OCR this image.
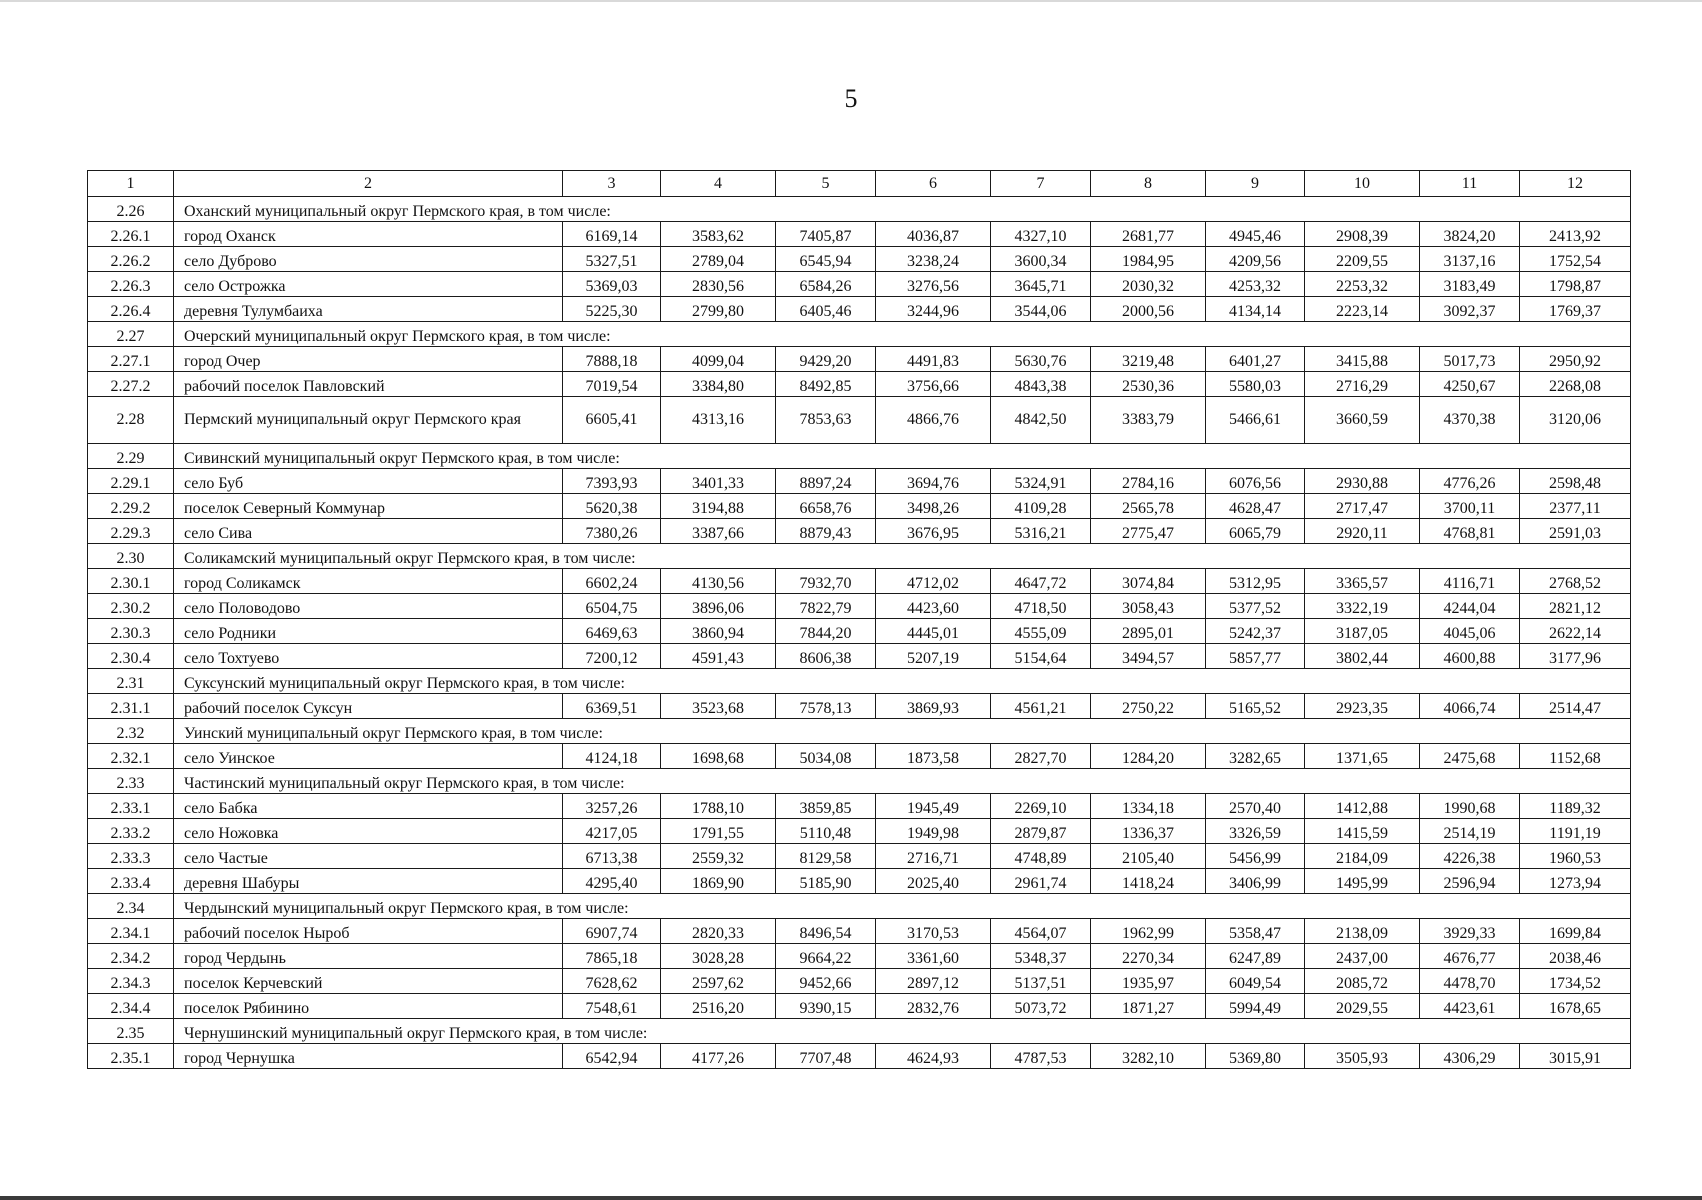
5
1	2	3	4	5	6	7	8	9	10	11	12
2.26	Оханский муниципальный округ Пермского края, в том числе:										
2.26.1	город Оханск	6169,14	3583,62	7405,87	4036,87	4327,10	2681,77	4945,46	2908,39	3824,20	2413,92
2.26.2	село Дуброво	5327,51	2789,04	6545,94	3238,24	3600,34	1984,95	4209,56	2209,55	3137,16	1752,54
2.26.3	село Острожка	5369,03	2830,56	6584,26	3276,56	3645,71	2030,32	4253,32	2253,32	3183,49	1798,87
2.26.4	деревня Тулумбаиха	5225,30	2799,80	6405,46	3244,96	3544,06	2000,56	4134,14	2223,14	3092,37	1769,37
2.27	Очерский муниципальный округ Пермского края, в том числе:										
2.27.1	город Очер	7888,18	4099,04	9429,20	4491,83	5630,76	3219,48	6401,27	3415,88	5017,73	2950,92
2.27.2	рабочий поселок Павловский	7019,54	3384,80	8492,85	3756,66	4843,38	2530,36	5580,03	2716,29	4250,67	2268,08
2.28	Пермский муниципальный округ Пермского края	6605,41	4313,16	7853,63	4866,76	4842,50	3383,79	5466,61	3660,59	4370,38	3120,06
2.29	Сивинский муниципальный округ Пермского края, в том числе:										
2.29.1	село Буб	7393,93	3401,33	8897,24	3694,76	5324,91	2784,16	6076,56	2930,88	4776,26	2598,48
2.29.2	поселок Северный Коммунар	5620,38	3194,88	6658,76	3498,26	4109,28	2565,78	4628,47	2717,47	3700,11	2377,11
2.29.3	село Сива	7380,26	3387,66	8879,43	3676,95	5316,21	2775,47	6065,79	2920,11	4768,81	2591,03
2.30	Соликамский муниципальный округ Пермского края, в том числе:										
2.30.1	город Соликамск	6602,24	4130,56	7932,70	4712,02	4647,72	3074,84	5312,95	3365,57	4116,71	2768,52
2.30.2	село Половодово	6504,75	3896,06	7822,79	4423,60	4718,50	3058,43	5377,52	3322,19	4244,04	2821,12
2.30.3	село Родники	6469,63	3860,94	7844,20	4445,01	4555,09	2895,01	5242,37	3187,05	4045,06	2622,14
2.30.4	село Тохтуево	7200,12	4591,43	8606,38	5207,19	5154,64	3494,57	5857,77	3802,44	4600,88	3177,96
2.31	Суксунский муниципальный округ Пермского края, в том числе:										
2.31.1	рабочий поселок Суксун	6369,51	3523,68	7578,13	3869,93	4561,21	2750,22	5165,52	2923,35	4066,74	2514,47
2.32	Уинский муниципальный округ Пермского края, в том числе:										
2.32.1	село Уинское	4124,18	1698,68	5034,08	1873,58	2827,70	1284,20	3282,65	1371,65	2475,68	1152,68
2.33	Частинский муниципальный округ Пермского края, в том числе:										
2.33.1	село Бабка	3257,26	1788,10	3859,85	1945,49	2269,10	1334,18	2570,40	1412,88	1990,68	1189,32
2.33.2	село Ножовка	4217,05	1791,55	5110,48	1949,98	2879,87	1336,37	3326,59	1415,59	2514,19	1191,19
2.33.3	село Частые	6713,38	2559,32	8129,58	2716,71	4748,89	2105,40	5456,99	2184,09	4226,38	1960,53
2.33.4	деревня Шабуры	4295,40	1869,90	5185,90	2025,40	2961,74	1418,24	3406,99	1495,99	2596,94	1273,94
2.34	Чердынский муниципальный округ Пермского края, в том числе:										
2.34.1	рабочий поселок Ныроб	6907,74	2820,33	8496,54	3170,53	4564,07	1962,99	5358,47	2138,09	3929,33	1699,84
2.34.2	город Чердынь	7865,18	3028,28	9664,22	3361,60	5348,37	2270,34	6247,89	2437,00	4676,77	2038,46
2.34.3	поселок Керчевский	7628,62	2597,62	9452,66	2897,12	5137,51	1935,97	6049,54	2085,72	4478,70	1734,52
2.34.4	поселок Рябинино	7548,61	2516,20	9390,15	2832,76	5073,72	1871,27	5994,49	2029,55	4423,61	1678,65
2.35	Чернушинский муниципальный округ Пермского края, в том числе:										
2.35.1	город Чернушка	6542,94	4177,26	7707,48	4624,93	4787,53	3282,10	5369,80	3505,93	4306,29	3015,91
